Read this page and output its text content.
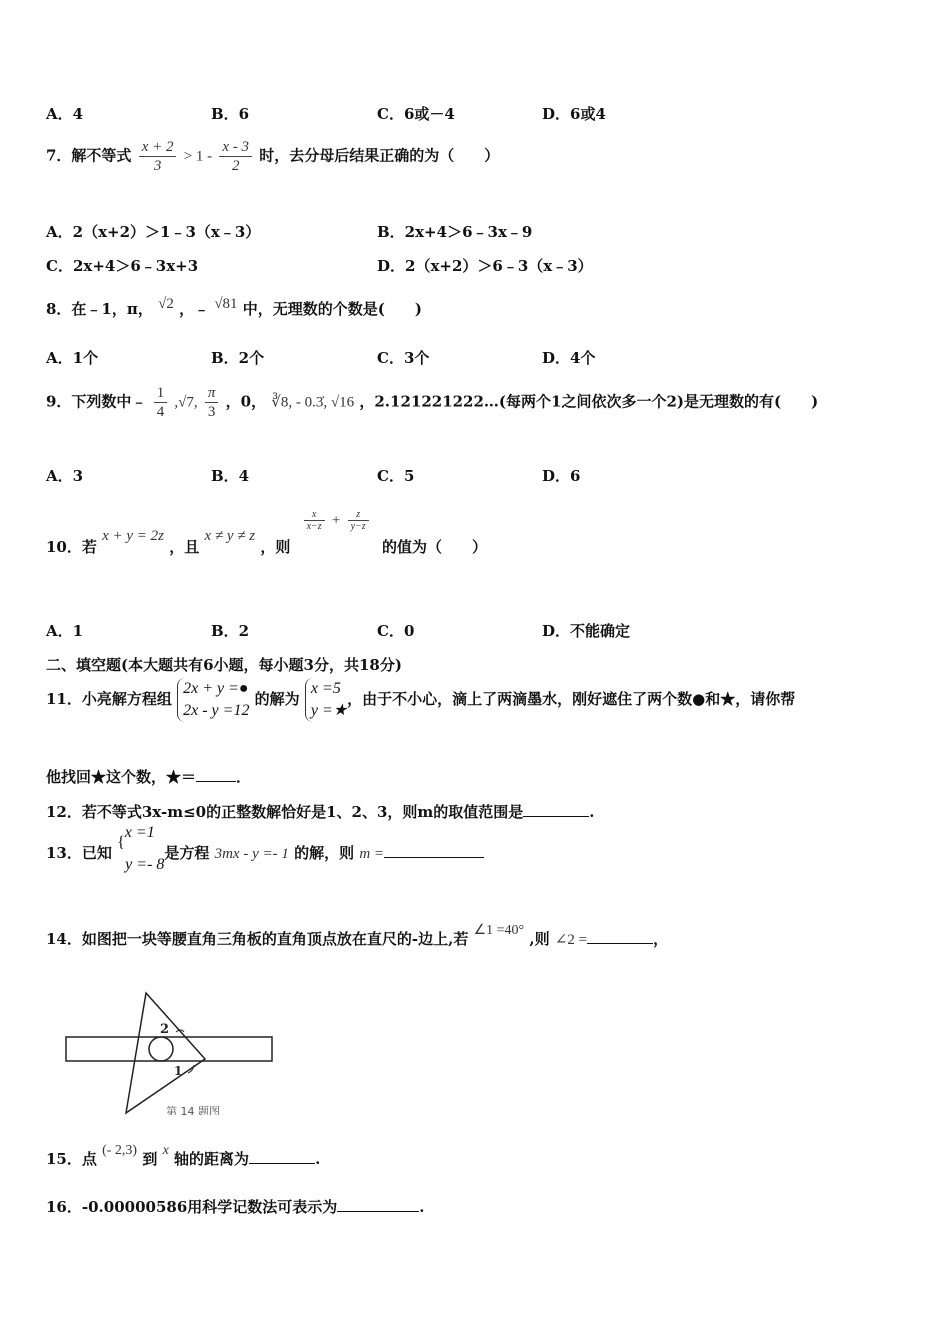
A．4	B．6	C．6或－4	D．6或4
7．解不等式 $\frac{x + 2}{3} > 1 - \frac{x - 3}{2}$ 时，去分母后结果正确的为（　　）
A．2（x+2）＞1﹣3（x﹣3）	B．2x+4＞6﹣3x﹣9
C．2x+4＞6﹣3x+3	D．2（x+2）＞6﹣3（x﹣3）
8．在﹣1，π， √2 ，﹣ √81 中，无理数的个数是(　　)
A．1个	B．2个	C．3个	D．4个
9．下列数中﹣ $\frac{1}{4} ,√7$, $\frac{\pi}{3}$ ，0， ∛8, - 0.3̇, √16 ，2.121221222…(每两个1之间依次多一个2)是无理数的有(　　)
A．3	B．4	C．5	D．6
10．若 x + y = 2z ，且 x ≠ y ≠ z ，则
$\frac{x}{x-z} + \frac{z}{y-z}$
的值为（　　）
A．1	B．2	C．0	D．不能确定
二、填空题(本大题共有6小题，每小题3分，共18分)
11．小亮解方程组 2x + y =●
2x - y =12 的解为 x =5
y =★，由于不小心，滴上了两滴墨水，刚好遮住了两个数●和★，请你帮
他找回★这个数，★＝	．
12．若不等式3x-m≤0的正整数解恰好是1、2、3，则m的取值范围是	.
13．已知 {x =1
y =- 8是方程 3mx - y =- 1 的解，则 m =
14．如图把一块等腰直角三角板的直角顶点放在直尺的-边上,若 ∠1 =40° ,则 ∠2 =	，
2
1
第 14 题图
15．点 (- 2,3) 到 x 轴的距离为	.
16．-0.00000586用科学记数法可表示为	.
